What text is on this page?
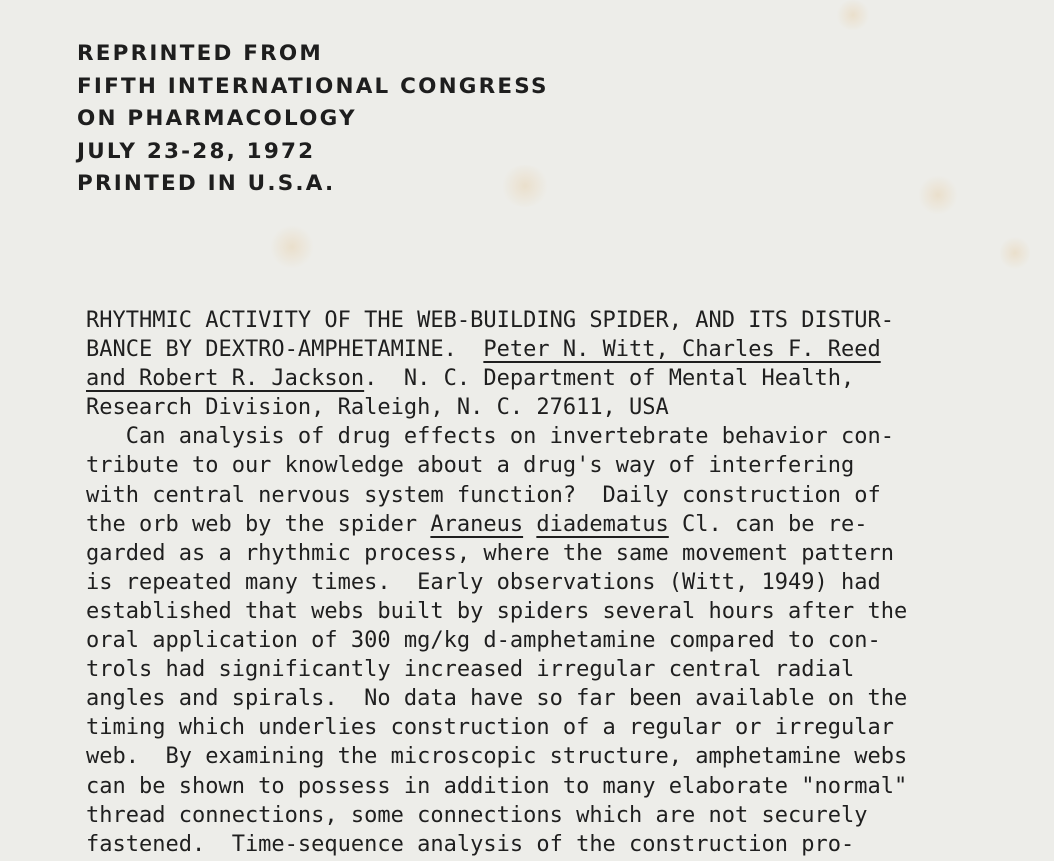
REPRINTED FROM
FIFTH INTERNATIONAL CONGRESS
ON PHARMACOLOGY
JULY 23-28, 1972
PRINTED IN U.S.A.
RHYTHMIC ACTIVITY OF THE WEB-BUILDING SPIDER, AND ITS DISTUR-
BANCE BY DEXTRO-AMPHETAMINE.  Peter N. Witt, Charles F. Reed
and Robert R. Jackson.  N. C. Department of Mental Health,
Research Division, Raleigh, N. C. 27611, USA
Can analysis of drug effects on invertebrate behavior con-
tribute to our knowledge about a drug's way of interfering
with central nervous system function?  Daily construction of
the orb web by the spider Araneus diadematus Cl. can be re-
garded as a rhythmic process, where the same movement pattern
is repeated many times.  Early observations (Witt, 1949) had
established that webs built by spiders several hours after the
oral application of 300 mg/kg d-amphetamine compared to con-
trols had significantly increased irregular central radial
angles and spirals.  No data have so far been available on the
timing which underlies construction of a regular or irregular
web.  By examining the microscopic structure, amphetamine webs
can be shown to possess in addition to many elaborate "normal"
thread connections, some connections which are not securely
fastened.  Time-sequence analysis of the construction pro-
